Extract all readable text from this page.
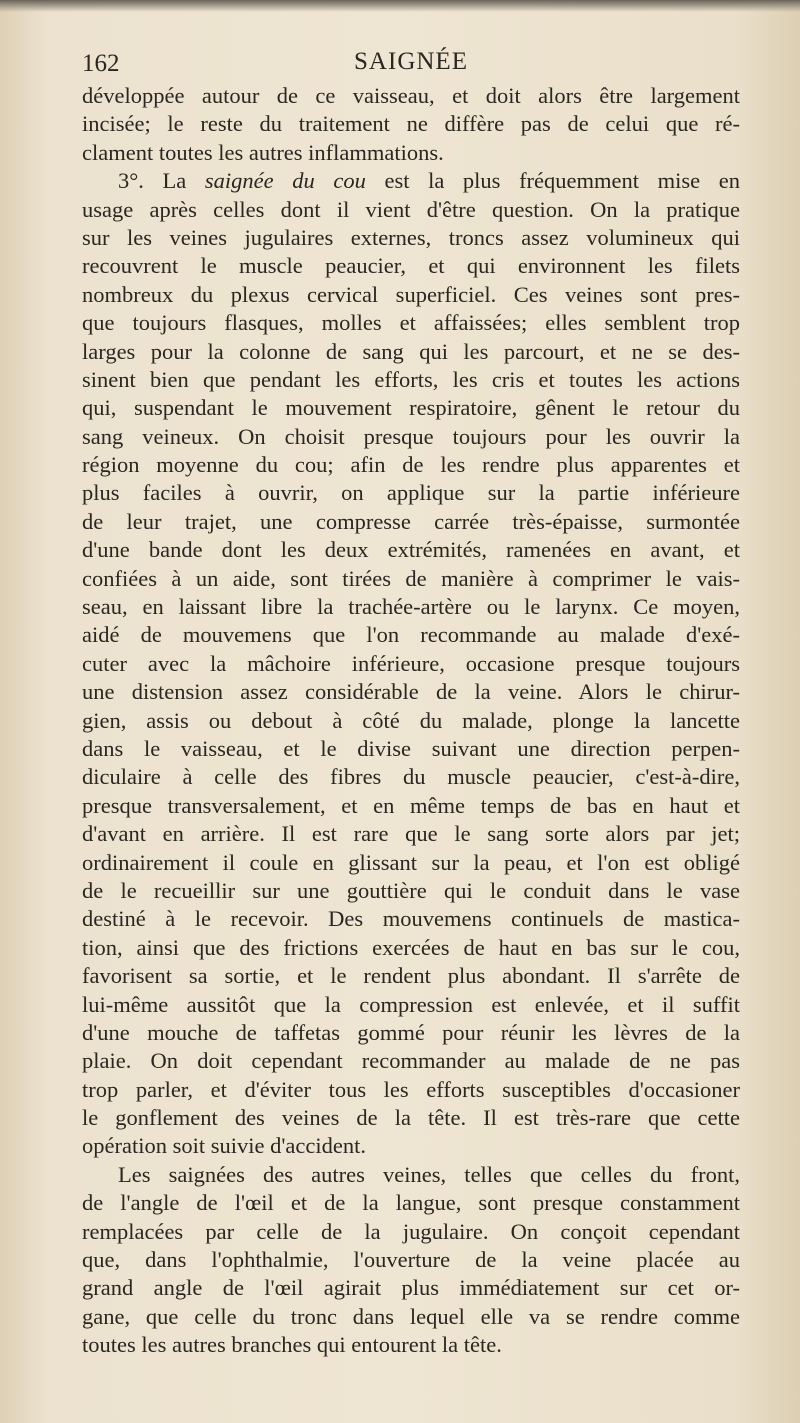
162	SAIGNÉE
développée autour de ce vaisseau, et doit alors être largement
incisée; le reste du traitement ne diffère pas de celui que ré-
clament toutes les autres inflammations.
3°. La saignée du cou est la plus fréquemment mise en
usage après celles dont il vient d'être question. On la pratique
sur les veines jugulaires externes, troncs assez volumineux qui
recouvrent le muscle peaucier, et qui environnent les filets
nombreux du plexus cervical superficiel. Ces veines sont pres-
que toujours flasques, molles et affaissées; elles semblent trop
larges pour la colonne de sang qui les parcourt, et ne se des-
sinent bien que pendant les efforts, les cris et toutes les actions
qui, suspendant le mouvement respiratoire, gênent le retour du
sang veineux. On choisit presque toujours pour les ouvrir la
région moyenne du cou; afin de les rendre plus apparentes et
plus faciles à ouvrir, on applique sur la partie inférieure
de leur trajet, une compresse carrée très-épaisse, surmontée
d'une bande dont les deux extrémités, ramenées en avant, et
confiées à un aide, sont tirées de manière à comprimer le vais-
seau, en laissant libre la trachée-artère ou le larynx. Ce moyen,
aidé de mouvemens que l'on recommande au malade d'exé-
cuter avec la mâchoire inférieure, occasione presque toujours
une distension assez considérable de la veine. Alors le chirur-
gien, assis ou debout à côté du malade, plonge la lancette
dans le vaisseau, et le divise suivant une direction perpen-
diculaire à celle des fibres du muscle peaucier, c'est-à-dire,
presque transversalement, et en même temps de bas en haut et
d'avant en arrière. Il est rare que le sang sorte alors par jet;
ordinairement il coule en glissant sur la peau, et l'on est obligé
de le recueillir sur une gouttière qui le conduit dans le vase
destiné à le recevoir. Des mouvemens continuels de mastica-
tion, ainsi que des frictions exercées de haut en bas sur le cou,
favorisent sa sortie, et le rendent plus abondant. Il s'arrête de
lui-même aussitôt que la compression est enlevée, et il suffit
d'une mouche de taffetas gommé pour réunir les lèvres de la
plaie. On doit cependant recommander au malade de ne pas
trop parler, et d'éviter tous les efforts susceptibles d'occasioner
le gonflement des veines de la tête. Il est très-rare que cette
opération soit suivie d'accident.
Les saignées des autres veines, telles que celles du front,
de l'angle de l'œil et de la langue, sont presque constamment
remplacées par celle de la jugulaire. On conçoit cependant
que, dans l'ophthalmie, l'ouverture de la veine placée au
grand angle de l'œil agirait plus immédiatement sur cet or-
gane, que celle du tronc dans lequel elle va se rendre comme
toutes les autres branches qui entourent la tête.
